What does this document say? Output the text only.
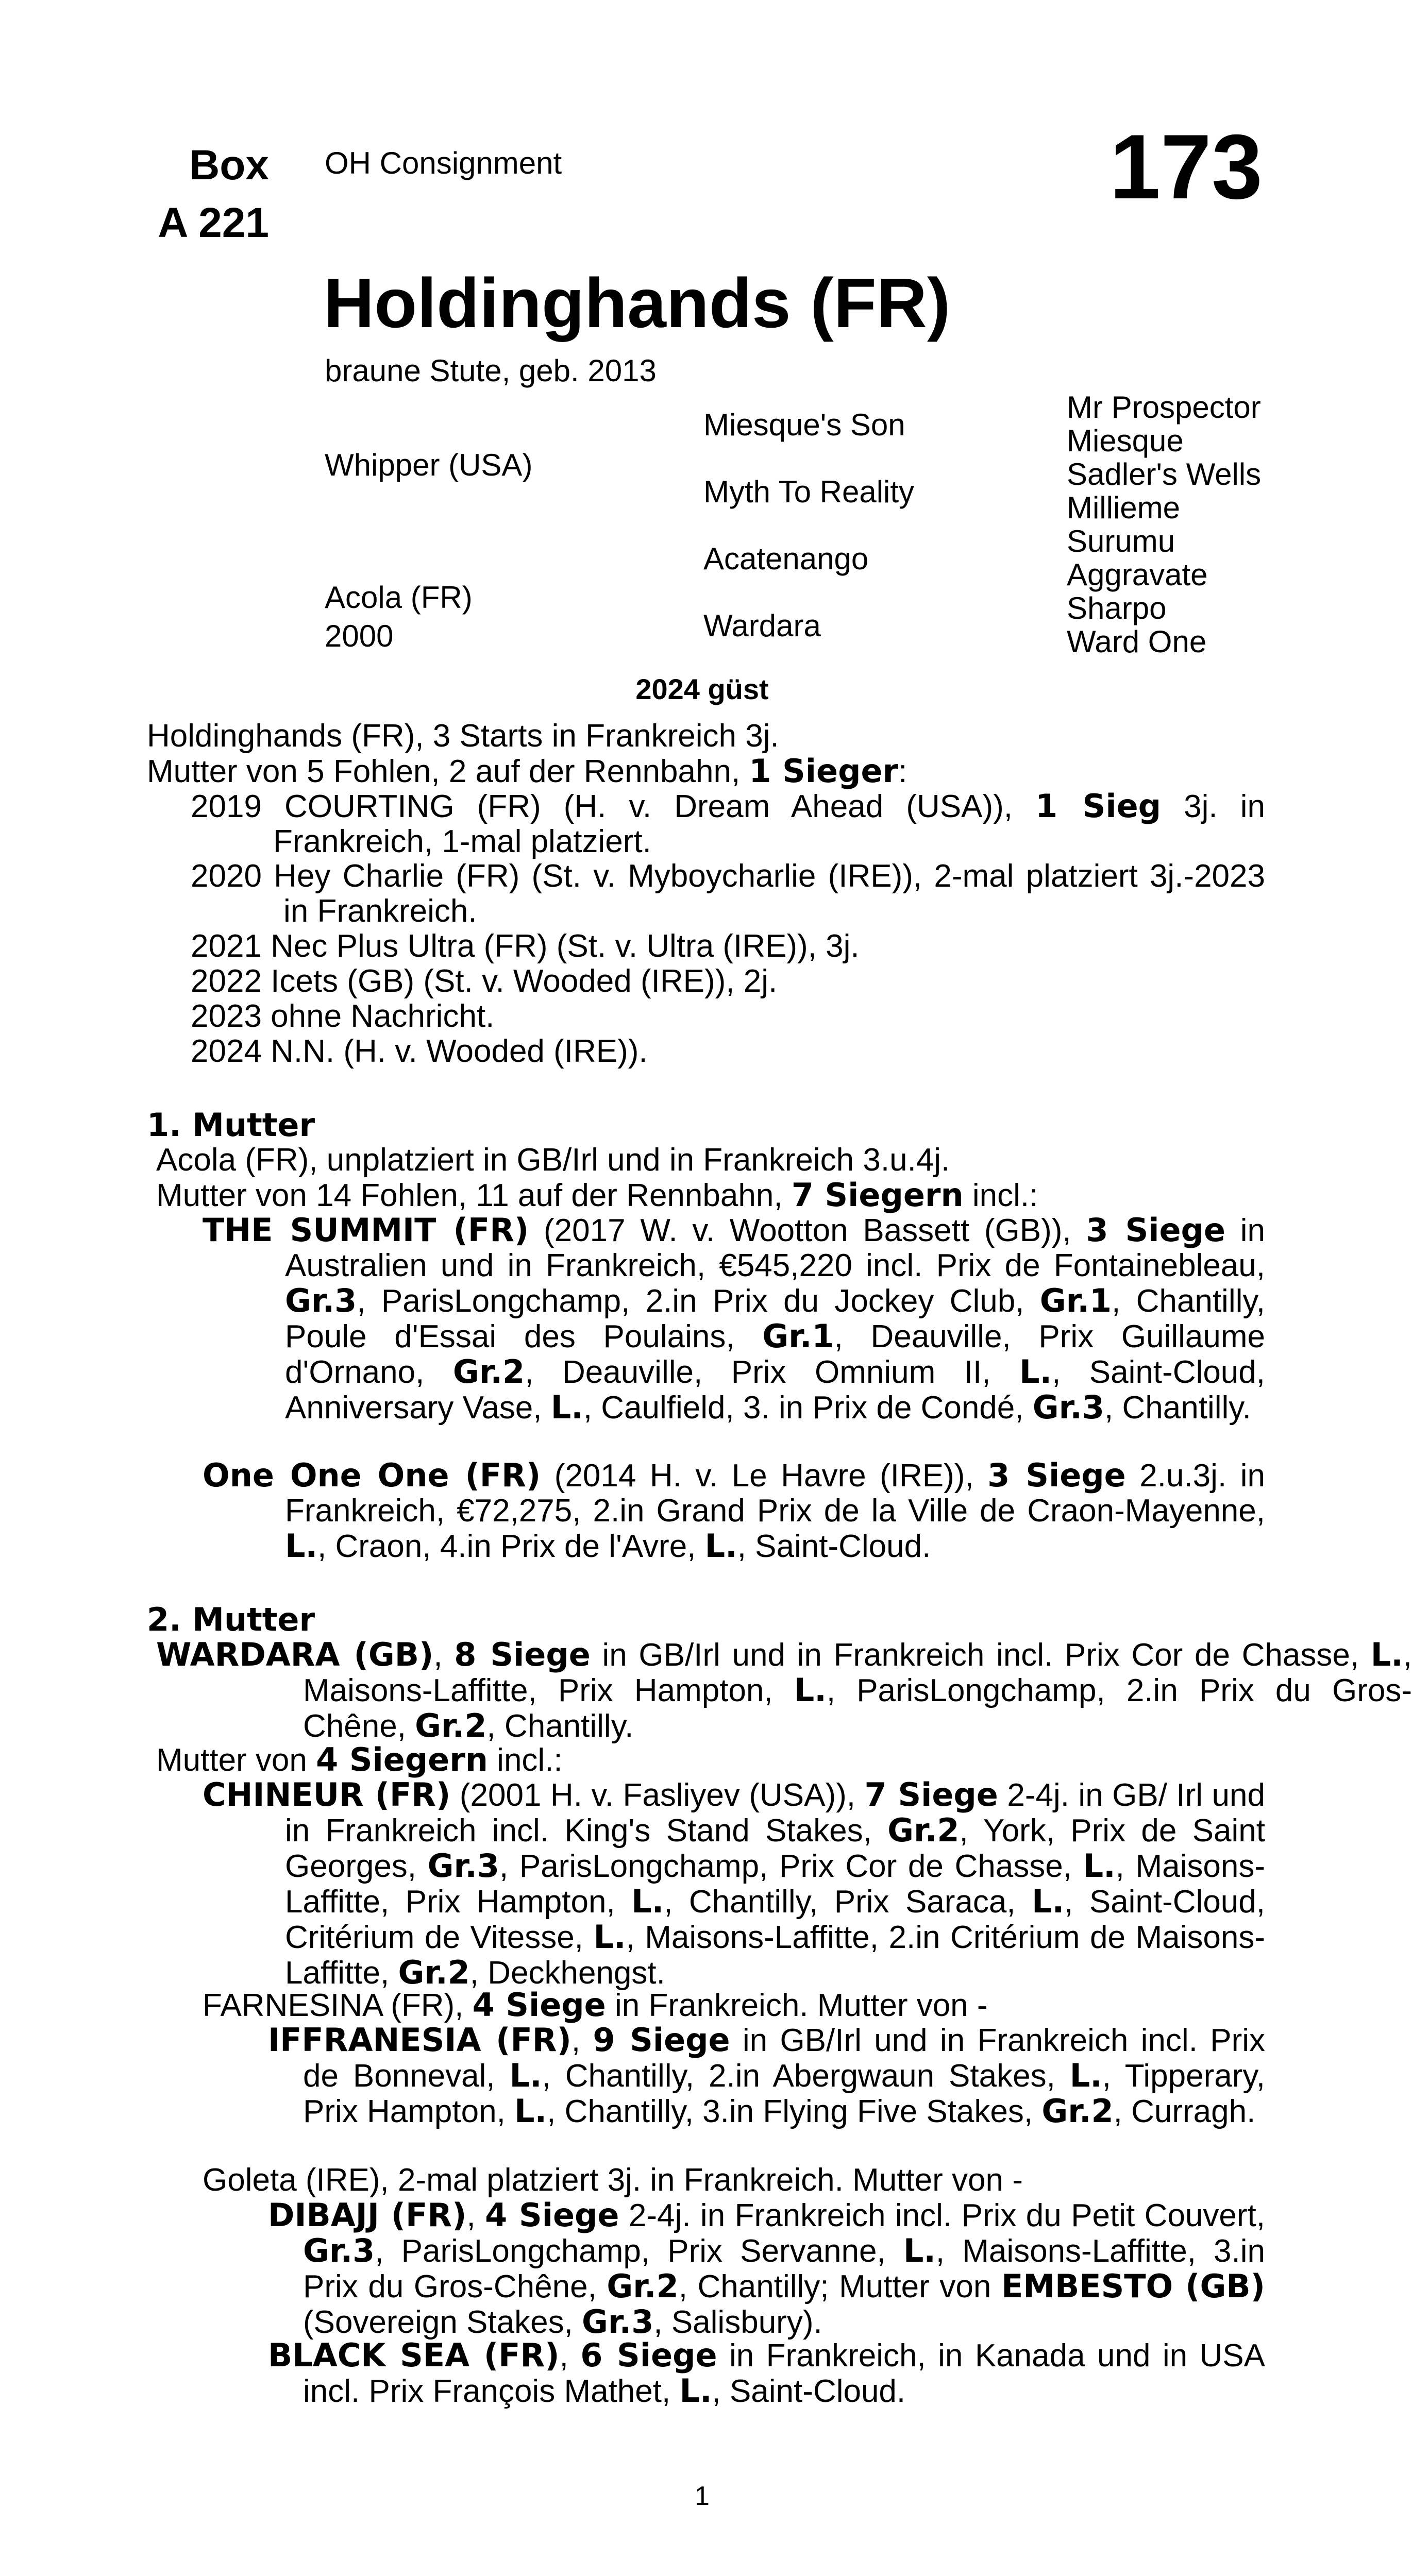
Box
A 221
OH Consignment	173
Holdinghands (FR)
braune Stute, geb. 2013
Whipper (USA)
Acola (FR)
2000
Miesque's Son
Myth To Reality
Acatenango
Wardara
Mr Prospector
Miesque
Sadler's Wells
Millieme
Surumu
Aggravate
Sharpo
Ward One
2024 güst
Holdinghands (FR), 3 Starts in Frankreich 3j.
Mutter von 5 Fohlen, 2 auf der Rennbahn, 1 Sieger:
2019 COURTING (FR) (H. v. Dream Ahead (USA)), 1 Sieg 3j. in Frankreich, 1-mal platziert.
2020 Hey Charlie (FR) (St. v. Myboycharlie (IRE)), 2-mal platziert 3j.-2023 in Frankreich.
2021 Nec Plus Ultra (FR) (St. v. Ultra (IRE)), 3j.
2022 Icets (GB) (St. v. Wooded (IRE)), 2j.
2023 ohne Nachricht.
2024 N.N. (H. v. Wooded (IRE)).
1. Mutter
Acola (FR), unplatziert in GB/Irl und in Frankreich 3.u.4j.
Mutter von 14 Fohlen, 11 auf der Rennbahn, 7 Siegern incl.:
THE SUMMIT (FR) (2017 W. v. Wootton Bassett (GB)), 3 Siege in Australien und in Frankreich, €545,220 incl. Prix de Fontainebleau, Gr.3, ParisLongchamp, 2.in Prix du Jockey Club, Gr.1, Chantilly, Poule d'Essai des Poulains, Gr.1, Deauville, Prix Guillaume d'Ornano, Gr.2, Deauville, Prix Omnium II, L., Saint-Cloud, Anniversary Vase, L., Caulfield, 3. in Prix de Condé, Gr.3, Chantilly.
One One One (FR) (2014 H. v. Le Havre (IRE)), 3 Siege 2.u.3j. in Frankreich, €72,275, 2.in Grand Prix de la Ville de Craon-Mayenne, L., Craon, 4.in Prix de l'Avre, L., Saint-Cloud.
2. Mutter
WARDARA (GB), 8 Siege in GB/Irl und in Frankreich incl. Prix Cor de Chasse, L., Maisons-Laffitte, Prix Hampton, L., ParisLongchamp, 2.in Prix du Gros-Chêne, Gr.2, Chantilly.
Mutter von 4 Siegern incl.:
CHINEUR (FR) (2001 H. v. Fasliyev (USA)), 7 Siege 2-4j. in GB/ Irl und in Frankreich incl. King's Stand Stakes, Gr.2, York, Prix de Saint Georges, Gr.3, ParisLongchamp, Prix Cor de Chasse, L., Maisons-Laffitte, Prix Hampton, L., Chantilly, Prix Saraca, L., Saint-Cloud, Critérium de Vitesse, L., Maisons-Laffitte, 2.in Critérium de Maisons-Laffitte, Gr.2, Deckhengst.
FARNESINA (FR), 4 Siege in Frankreich. Mutter von -
IFFRANESIA (FR), 9 Siege in GB/Irl und in Frankreich incl. Prix de Bonneval, L., Chantilly, 2.in Abergwaun Stakes, L., Tipperary, Prix Hampton, L., Chantilly, 3.in Flying Five Stakes, Gr.2, Curragh.
Goleta (IRE), 2-mal platziert 3j. in Frankreich. Mutter von -
DIBAJJ (FR), 4 Siege 2-4j. in Frankreich incl. Prix du Petit Couvert, Gr.3, ParisLongchamp, Prix Servanne, L., Maisons-Laffitte, 3.in Prix du Gros-Chêne, Gr.2, Chantilly; Mutter von EMBESTO (GB) (Sovereign Stakes, Gr.3, Salisbury).
BLACK SEA (FR), 6 Siege in Frankreich, in Kanada und in USA incl. Prix François Mathet, L., Saint-Cloud.
1
